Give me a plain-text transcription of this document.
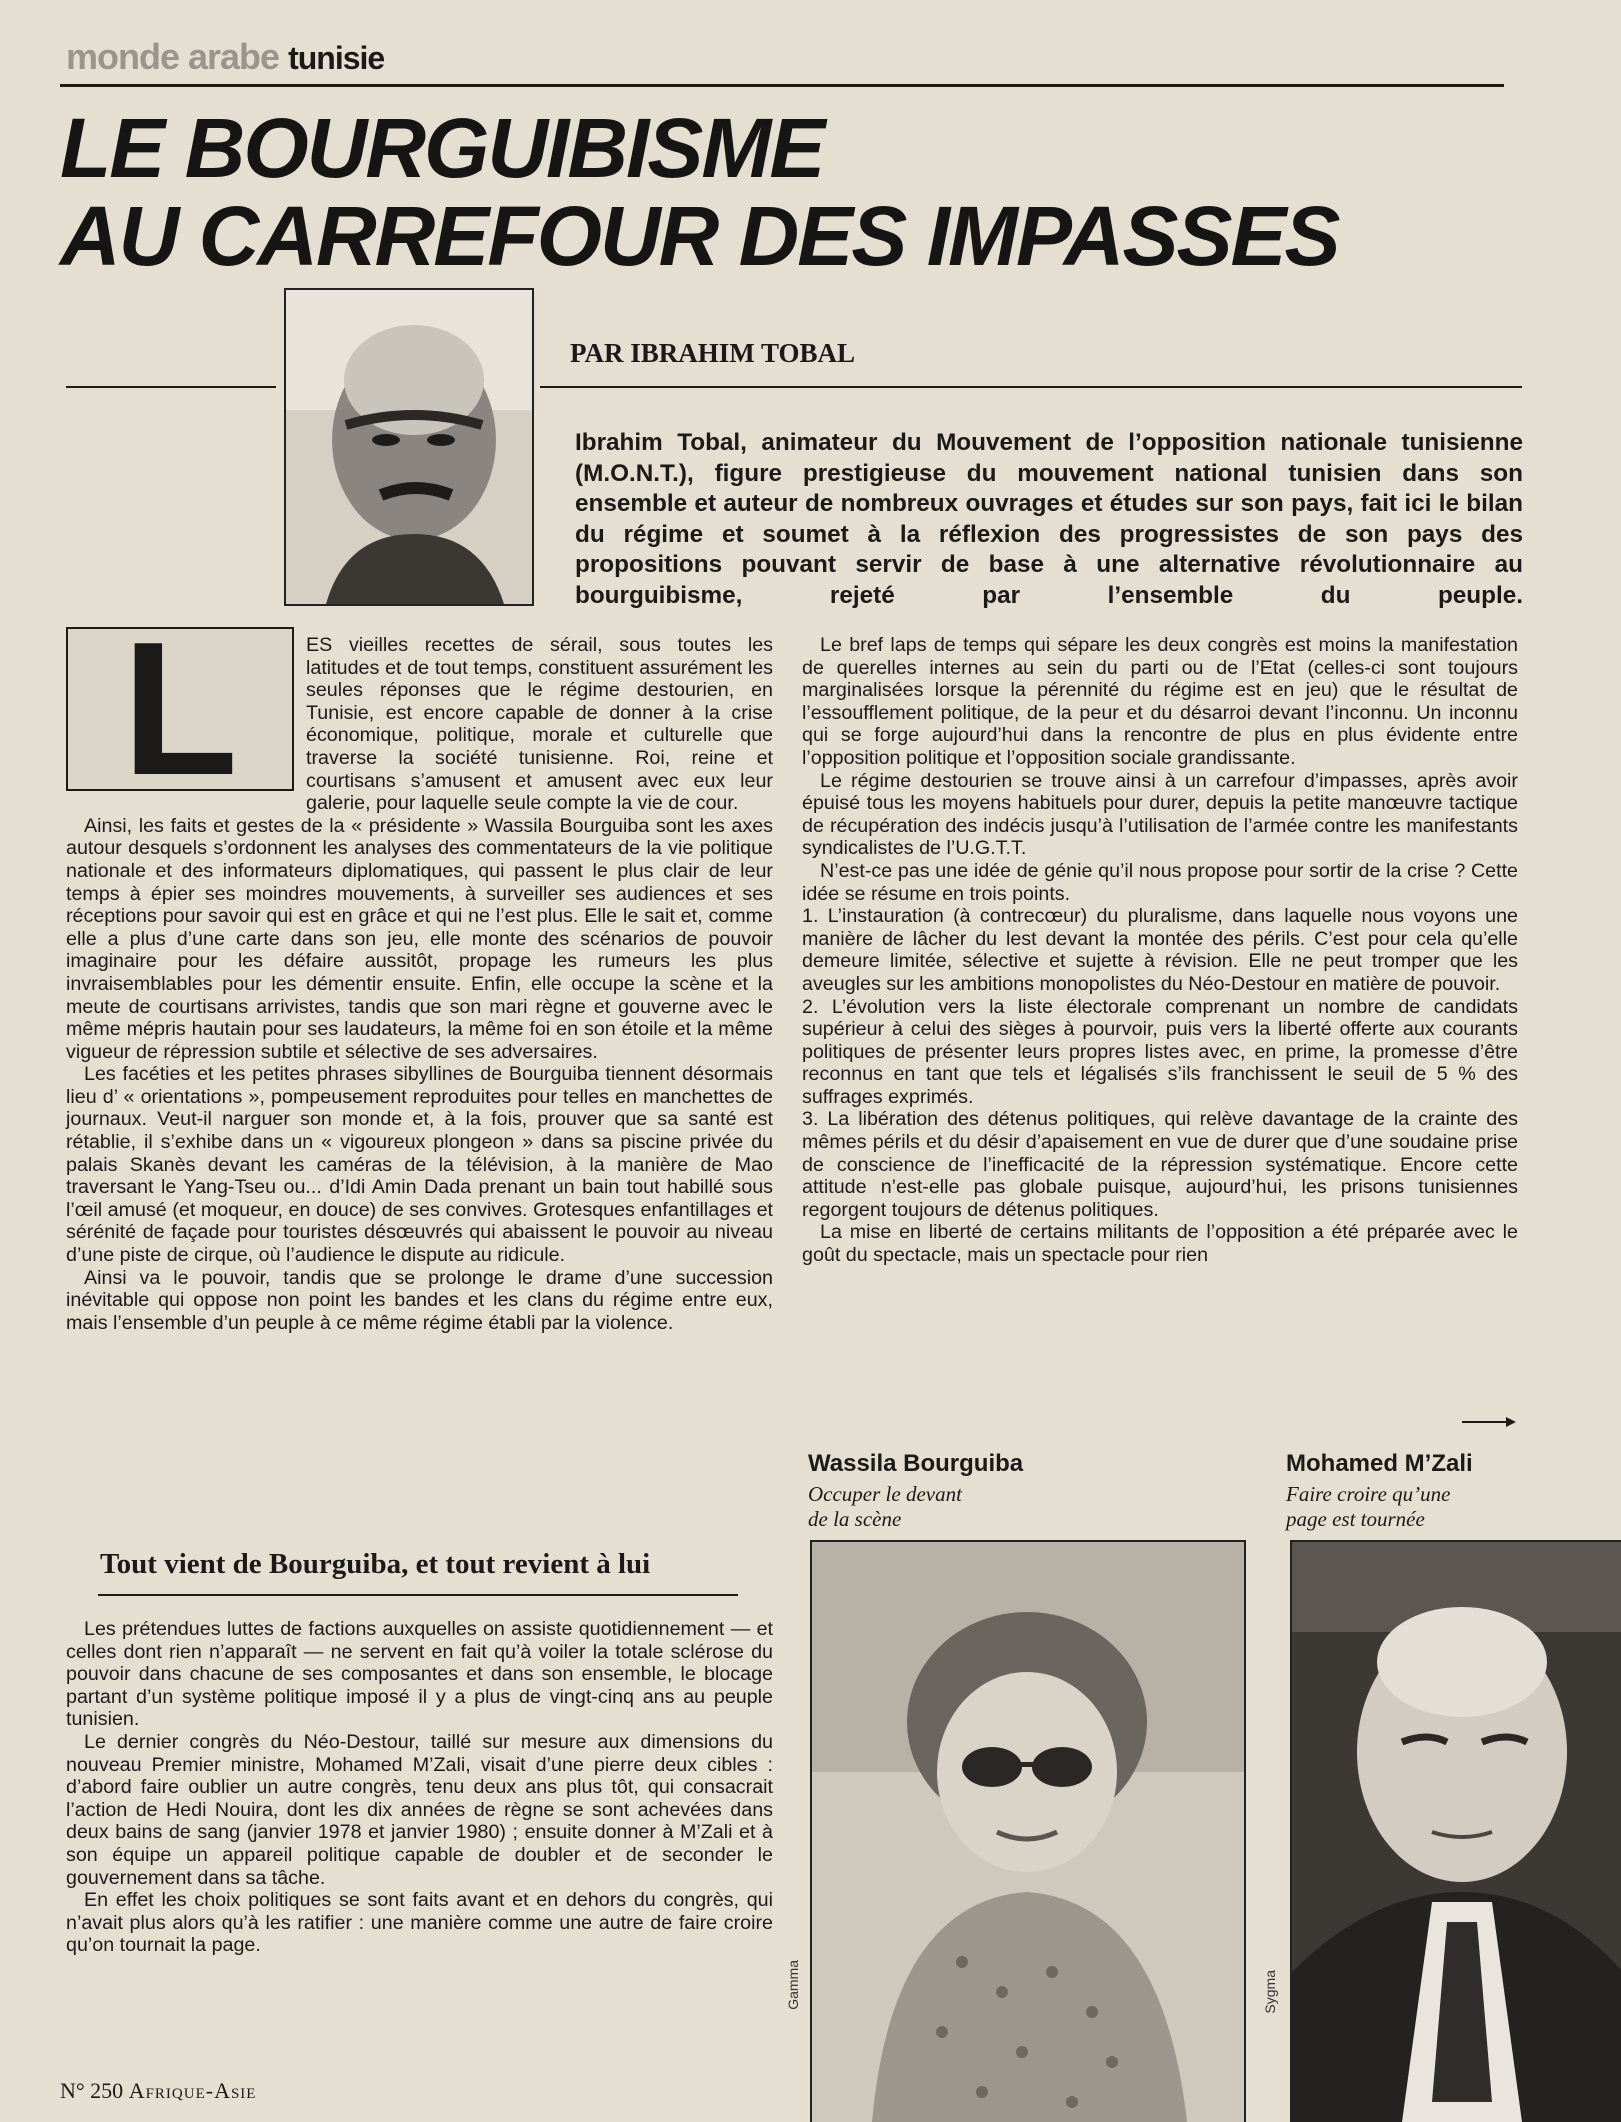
monde arabe tunisie
LE BOURGUIBISME
AU CARREFOUR DES IMPASSES
PAR IBRAHIM TOBAL

Ibrahim Tobal, animateur du Mouvement de l’opposition nationale tunisienne (M.O.N.T.), figure prestigieuse du mouvement national tunisien dans son ensemble et auteur de nombreux ouvrages et études sur son pays, fait ici le bilan du régime et soumet à la réflexion des progressistes de son pays des propositions pouvant servir de base à une alternative révolutionnaire au bourguibisme, rejeté par l’ensemble du peuple.

ES vieilles recettes de sérail, sous toutes les latitudes et de tout temps, constituent assurément les seules réponses que le régime destourien, en Tunisie, est encore capable de donner à la crise économique, politique, morale et culturelle que traverse la société tunisienne. Roi, reine et courtisans s’amusent et amusent avec eux leur galerie, pour laquelle seule compte la vie de cour.

Ainsi, les faits et gestes de la « présidente » Wassila Bourguiba sont les axes autour desquels s’ordonnent les analyses des commentateurs de la vie politique nationale et des informateurs diplomatiques, qui passent le plus clair de leur temps à épier ses moindres mouvements, à surveiller ses audiences et ses réceptions pour savoir qui est en grâce et qui ne l’est plus. Elle le sait et, comme elle a plus d’une carte dans son jeu, elle monte des scénarios de pouvoir imaginaire pour les défaire aussitôt, propage les rumeurs les plus invraisemblables pour les démentir ensuite. Enfin, elle occupe la scène et la meute de courtisans arrivistes, tandis que son mari règne et gouverne avec le même mépris hautain pour ses laudateurs, la même foi en son étoile et la même vigueur de répression subtile et sélective de ses adversaires.

Les facéties et les petites phrases sibyllines de Bourguiba tiennent désormais lieu d’ « orientations », pompeusement reproduites pour telles en manchettes de journaux. Veut-il narguer son monde et, à la fois, prouver que sa santé est rétablie, il s’exhibe dans un « vigoureux plongeon » dans sa piscine privée du palais Skanès devant les caméras de la télévision, à la manière de Mao traversant le Yang-Tseu ou... d’Idi Amin Dada prenant un bain tout habillé sous l’œil amusé (et moqueur, en douce) de ses convives. Grotesques enfantillages et sérénité de façade pour touristes désœuvrés qui abaissent le pouvoir au niveau d’une piste de cirque, où l’audience le dispute au ridicule.

Ainsi va le pouvoir, tandis que se prolonge le drame d’une succession inévitable qui oppose non point les bandes et les clans du régime entre eux, mais l’ensemble d’un peuple à ce même régime établi par la violence.

L
Tout vient de Bourguiba, et tout revient à lui

Les prétendues luttes de factions auxquelles on assiste quotidiennement — et celles dont rien n’apparaît — ne servent en fait qu’à voiler la totale sclérose du pouvoir dans chacune de ses composantes et dans son ensemble, le blocage partant d’un système politique imposé il y a plus de vingt-cinq ans au peuple tunisien.

Le dernier congrès du Néo-Destour, taillé sur mesure aux dimensions du nouveau Premier ministre, Mohamed M’Zali, visait d’une pierre deux cibles : d’abord faire oublier un autre congrès, tenu deux ans plus tôt, qui consacrait l’action de Hedi Nouira, dont les dix années de règne se sont achevées dans deux bains de sang (janvier 1978 et janvier 1980) ; ensuite donner à M’Zali et à son équipe un appareil politique capable de doubler et de seconder le gouvernement dans sa tâche.

En effet les choix politiques se sont faits avant et en dehors du congrès, qui n’avait plus alors qu’à les ratifier : une manière comme une autre de faire croire qu’on tournait la page.

Le bref laps de temps qui sépare les deux congrès est moins la manifestation de querelles internes au sein du parti ou de l’Etat (celles-ci sont toujours marginalisées lorsque la pérennité du régime est en jeu) que le résultat de l’essoufflement politique, de la peur et du désarroi devant l’inconnu. Un inconnu qui se forge aujourd’hui dans la rencontre de plus en plus évidente entre l’opposition politique et l’opposition sociale grandissante.

Le régime destourien se trouve ainsi à un carrefour d’impasses, après avoir épuisé tous les moyens habituels pour durer, depuis la petite manœuvre tactique de récupération des indécis jusqu’à l’utilisation de l’armée contre les manifestants syndicalistes de l’U.G.T.T.

N’est-ce pas une idée de génie qu’il nous propose pour sortir de la crise ? Cette idée se résume en trois points.

1. L’instauration (à contrecœur) du pluralisme, dans laquelle nous voyons une manière de lâcher du lest devant la montée des périls. C’est pour cela qu’elle demeure limitée, sélective et sujette à révision. Elle ne peut tromper que les aveugles sur les ambitions monopolistes du Néo-Destour en matière de pouvoir.

2. L’évolution vers la liste électorale comprenant un nombre de candidats supérieur à celui des sièges à pourvoir, puis vers la liberté offerte aux courants politiques de présenter leurs propres listes avec, en prime, la promesse d’être reconnus en tant que tels et légalisés s’ils franchissent le seuil de 5 % des suffrages exprimés.

3. La libération des détenus politiques, qui relève davantage de la crainte des mêmes périls et du désir d’apaisement en vue de durer que d’une soudaine prise de conscience de l’inefficacité de la répression systématique. Encore cette attitude n’est-elle pas globale puisque, aujourd’hui, les prisons tunisiennes regorgent toujours de détenus politiques.

La mise en liberté de certains militants de l’opposition a été préparée avec le goût du spectacle, mais un spectacle pour rien

Wassila Bourguiba
Occuper le devant
de la scène
Mohamed M’Zali
Faire croire qu’une
page est tournée
Gamma	Sygma
N° 250 Afrique-Asie
